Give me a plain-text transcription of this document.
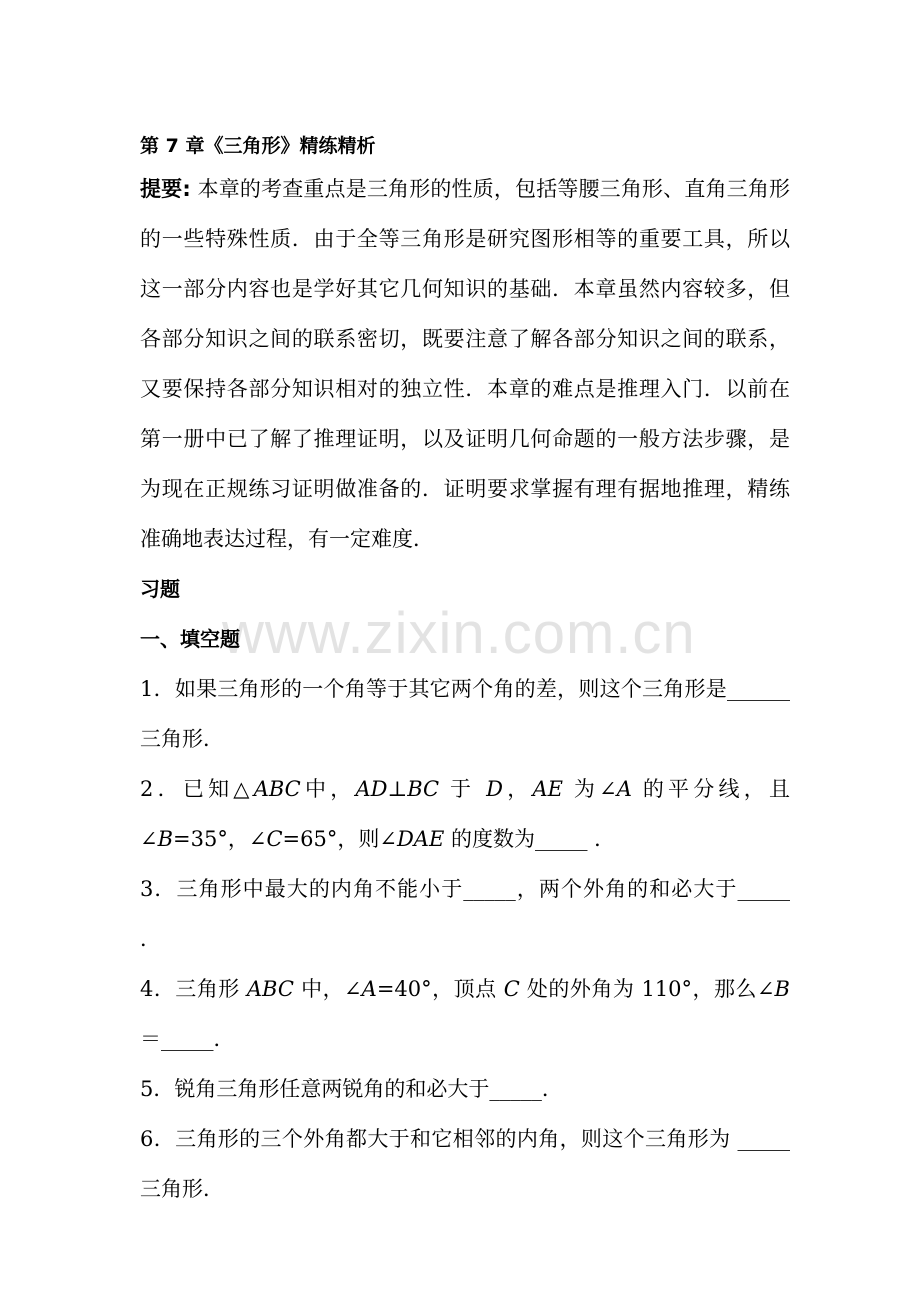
www.zixin.com.cn

第 7 章《三角形》精练精析

提要: 本章的考查重点是三角形的性质，包括等腰三角形、直角三角形的一些特殊性质．由于全等三角形是研究图形相等的重要工具，所以这一部分内容也是学好其它几何知识的基础．本章虽然内容较多，但各部分知识之间的联系密切，既要注意了解各部分知识之间的联系，又要保持各部分知识相对的独立性．本章的难点是推理入门．以前在第一册中已了解了推理证明，以及证明几何命题的一般方法步骤，是为现在正规练习证明做准备的．证明要求掌握有理有据地推理，精练准确地表达过程，有一定难度．

习题

一、填空题

1．如果三角形的一个角等于其它两个角的差，则这个三角形是______三角形．

2．已知△ABC中，AD⊥BC 于 D，AE 为∠A 的平分线，且∠B=35°，∠C=65°，则∠DAE 的度数为_____ ．

3．三角形中最大的内角不能小于_____，两个外角的和必大于_____ ．

4．三角形 ABC 中，∠A=40°，顶点 C 处的外角为 110°，那么∠B＝_____．

5．锐角三角形任意两锐角的和必大于_____．

6．三角形的三个外角都大于和它相邻的内角，则这个三角形为 _____三角形．
